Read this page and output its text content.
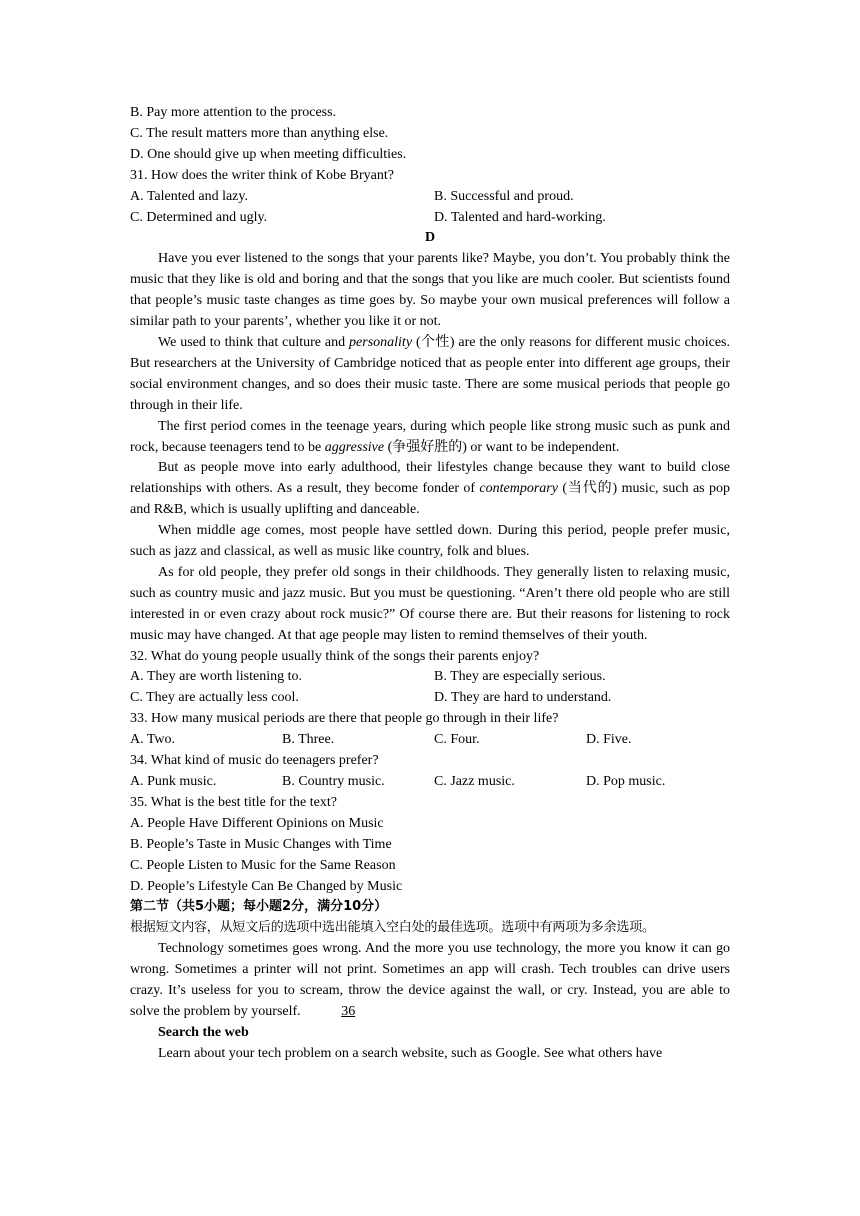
B. Pay more attention to the process.
C. The result matters more than anything else.
D. One should give up when meeting difficulties.
31. How does the writer think of Kobe Bryant?
A. Talented and lazy.	B. Successful and proud.
C. Determined and ugly.	D. Talented and hard-working.
D

Have you ever listened to the songs that your parents like? Maybe, you don’t. You probably think the music that they like is old and boring and that the songs that you like are much cooler. But scientists found that people’s music taste changes as time goes by. So maybe your own musical preferences will follow a similar path to your parents’, whether you like it or not.

We used to think that culture and personality (个性) are the only reasons for different music choices. But researchers at the University of Cambridge noticed that as people enter into different age groups, their social environment changes, and so does their music taste. There are some musical periods that people go through in their life.

The first period comes in the teenage years, during which people like strong music such as punk and rock, because teenagers tend to be aggressive (争强好胜的) or want to be independent.

But as people move into early adulthood, their lifestyles change because they want to build close relationships with others. As a result, they become fonder of contemporary (当代的) music, such as pop and R&B, which is usually uplifting and danceable.

When middle age comes, most people have settled down. During this period, people prefer music, such as jazz and classical, as well as music like country, folk and blues.

As for old people, they prefer old songs in their childhoods. They generally listen to relaxing music, such as country music and jazz music. But you must be questioning. “Aren’t there old people who are still interested in or even crazy about rock music?” Of course there are. But their reasons for listening to rock music may have changed. At that age people may listen to remind themselves of their youth.

32. What do young people usually think of the songs their parents enjoy?
A. They are worth listening to.	B. They are especially serious.
C. They are actually less cool.	D. They are hard to understand.
33. How many musical periods are there that people go through in their life?
A. Two.	B. Three.	C. Four.	D. Five.
34. What kind of music do teenagers prefer?
A. Punk music.	B. Country music.	C. Jazz music.	D. Pop music.
35. What is the best title for the text?
A. People Have Different Opinions on Music
B. People’s Taste in Music Changes with Time
C. People Listen to Music for the Same Reason
D. People’s Lifestyle Can Be Changed by Music
第二节（共5小题；每小题2分，满分10分）
根据短文内容，从短文后的选项中选出能填入空白处的最佳选项。选项中有两项为多余选项。

Technology sometimes goes wrong. And the more you use technology, the more you know it can go wrong. Sometimes a printer will not print. Sometimes an app will crash. Tech troubles can drive users crazy. It’s useless for you to scream, throw the device against the wall, or cry. Instead, you are able to solve the problem by yourself.	36

Search the web

Learn about your tech problem on a search website, such as Google. See what others have
